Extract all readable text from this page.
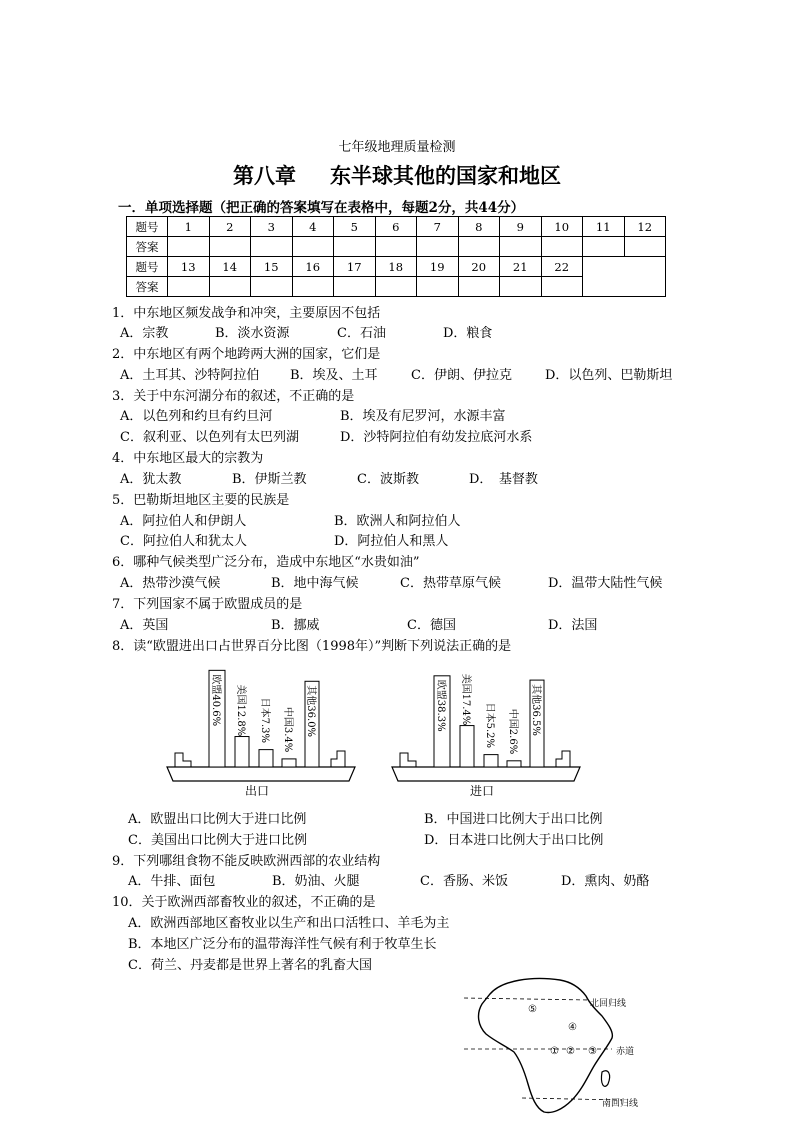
七年级地理质量检测
第八章 东半球其他的国家和地区
一．单项选择题（把正确的答案填写在表格中，每题2分，共44分）
题号	1	2	3	4	5	6	7	8	9	10	11	12
答案												
题号	13	14	15	16	17	18	19	20	21	22		
答案												
1．中东地区频发战争和冲突，主要原因不包括
A．宗教	B．淡水资源	C．石油	D．粮食
2．中东地区有两个地跨两大洲的国家，它们是
A．土耳其、沙特阿拉伯 B．埃及、土耳	C．伊朗、伊拉克	D．以色列、巴勒斯坦
3．关于中东河湖分布的叙述，不正确的是
A．以色列和约旦有约旦河	B．埃及有尼罗河，水源丰富
C．叙利亚、以色列有太巴列湖	D．沙特阿拉伯有幼发拉底河水系
4．中东地区最大的宗教为
A．犹太教	B．伊斯兰教	C．波斯教	D．　基督教
5．巴勒斯坦地区主要的民族是
A．阿拉伯人和伊朗人	B．欧洲人和阿拉伯人
C．阿拉伯人和犹太人	D．阿拉伯人和黑人
6．哪种气候类型广泛分布，造成中东地区“水贵如油”
A．热带沙漠气候	B．地中海气候	C．热带草原气候	D．温带大陆性气候
7．下列国家不属于欧盟成员的是
A．英国	B．挪威	C．德国	D．法国
8．读“欧盟进出口占世界百分比图（1998年）”判断下列说法正确的是
欧盟40.6% 美国12.8% 日本7.3% 中国3.4% 其他36.0%
出口
欧盟38.3% 美国17.4% 日本5.2% 中国2.6% 其他36.5%
进口
A．欧盟出口比例大于进口比例	B．中国进口比例大于出口比例
C．美国出口比例大于进口比例	D．日本进口比例大于出口比例
9．下列哪组食物不能反映欧洲西部的农业结构
A．牛排、面包	B．奶油、火腿	C．香肠、米饭	D．熏肉、奶酪
10．关于欧洲西部畜牧业的叙述，不正确的是
A．欧洲西部地区畜牧业以生产和出口活牲口、羊毛为主
B．本地区广泛分布的温带海洋性气候有利于牧草生长
C．荷兰、丹麦都是世界上著名的乳畜大国
北回归线
赤道
南回归线
⑤
④
① ② ③
